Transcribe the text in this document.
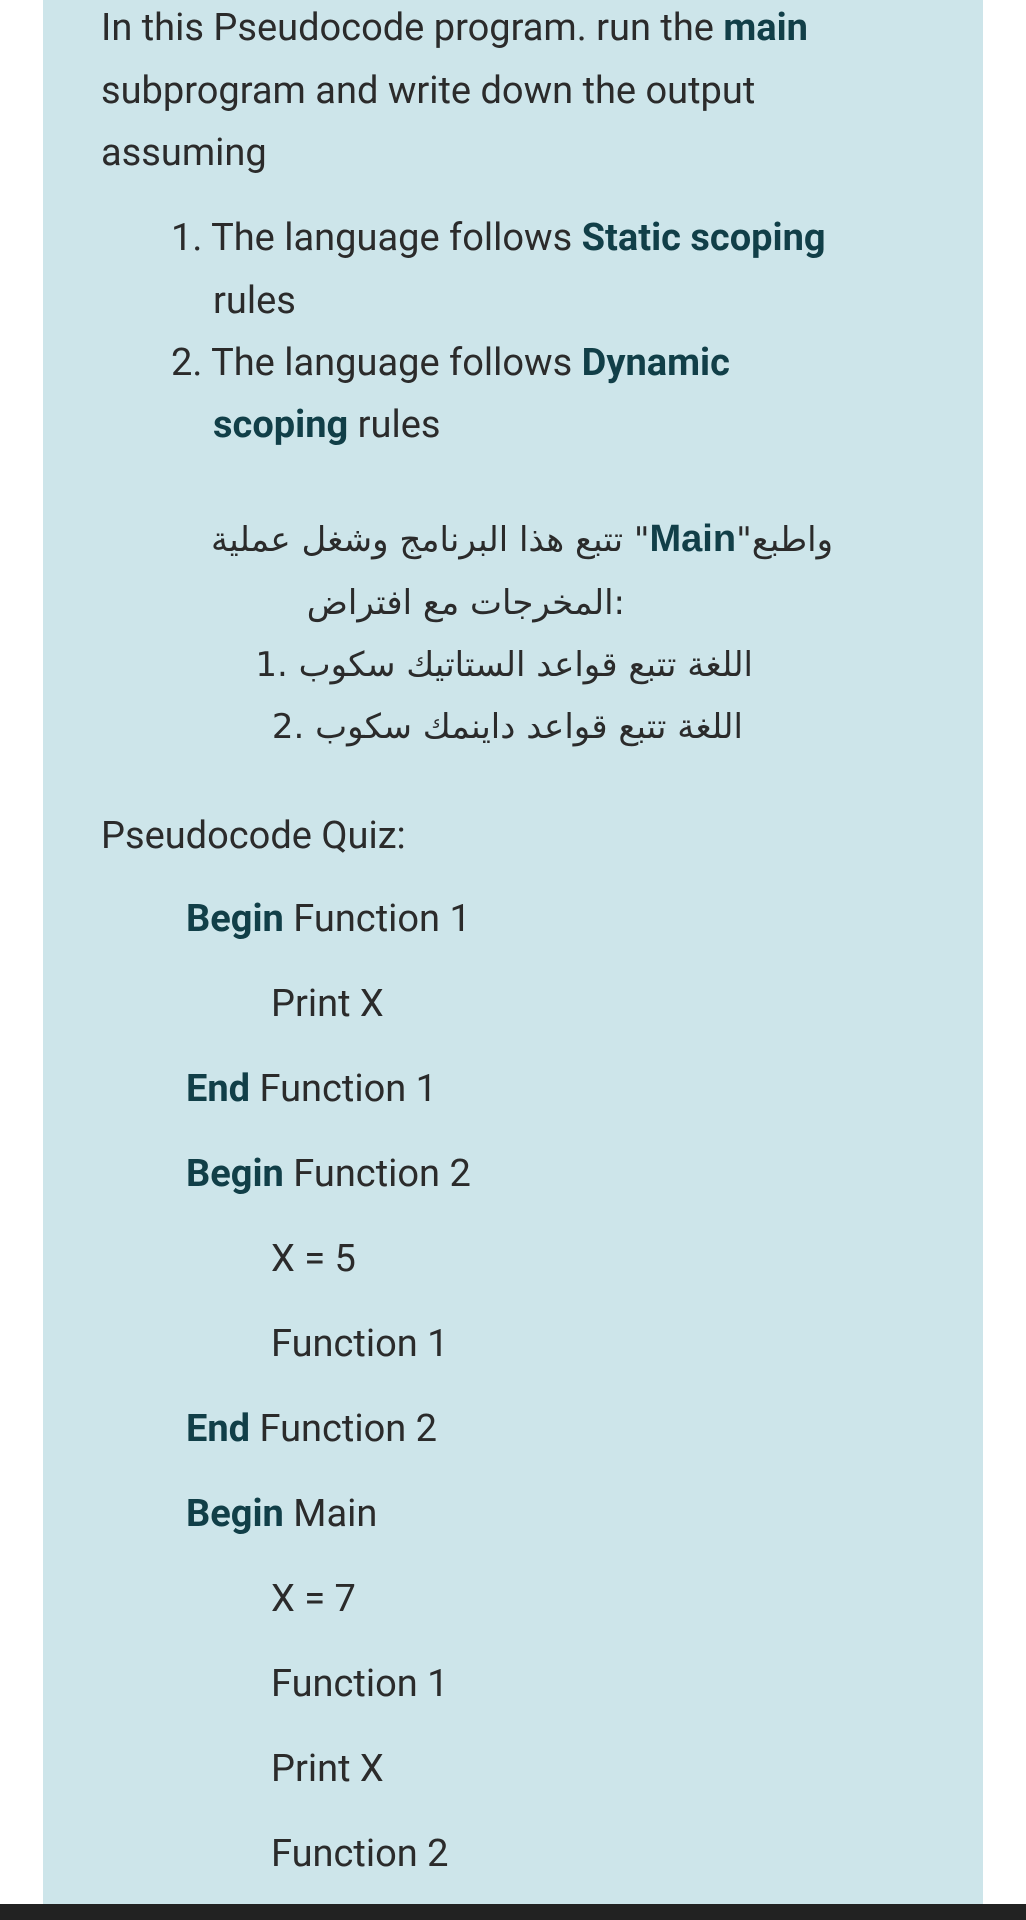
In this Pseudocode program. run the main
subprogram and write down the output
assuming
1. The language follows Static scoping
rules
2. The language follows Dynamic
scoping rules
واطبع"Main" تتبع هذا البرنامج وشغل عملية
:المخرجات مع افتراض
اللغة تتبع قواعد الستاتيك سكوب .1
اللغة تتبع قواعد داينمك سكوب .2
Pseudocode Quiz:
Begin Function 1
Print X
End Function 1
Begin Function 2
X = 5
Function 1
End Function 2
Begin Main
X = 7
Function 1
Print X
Function 2
